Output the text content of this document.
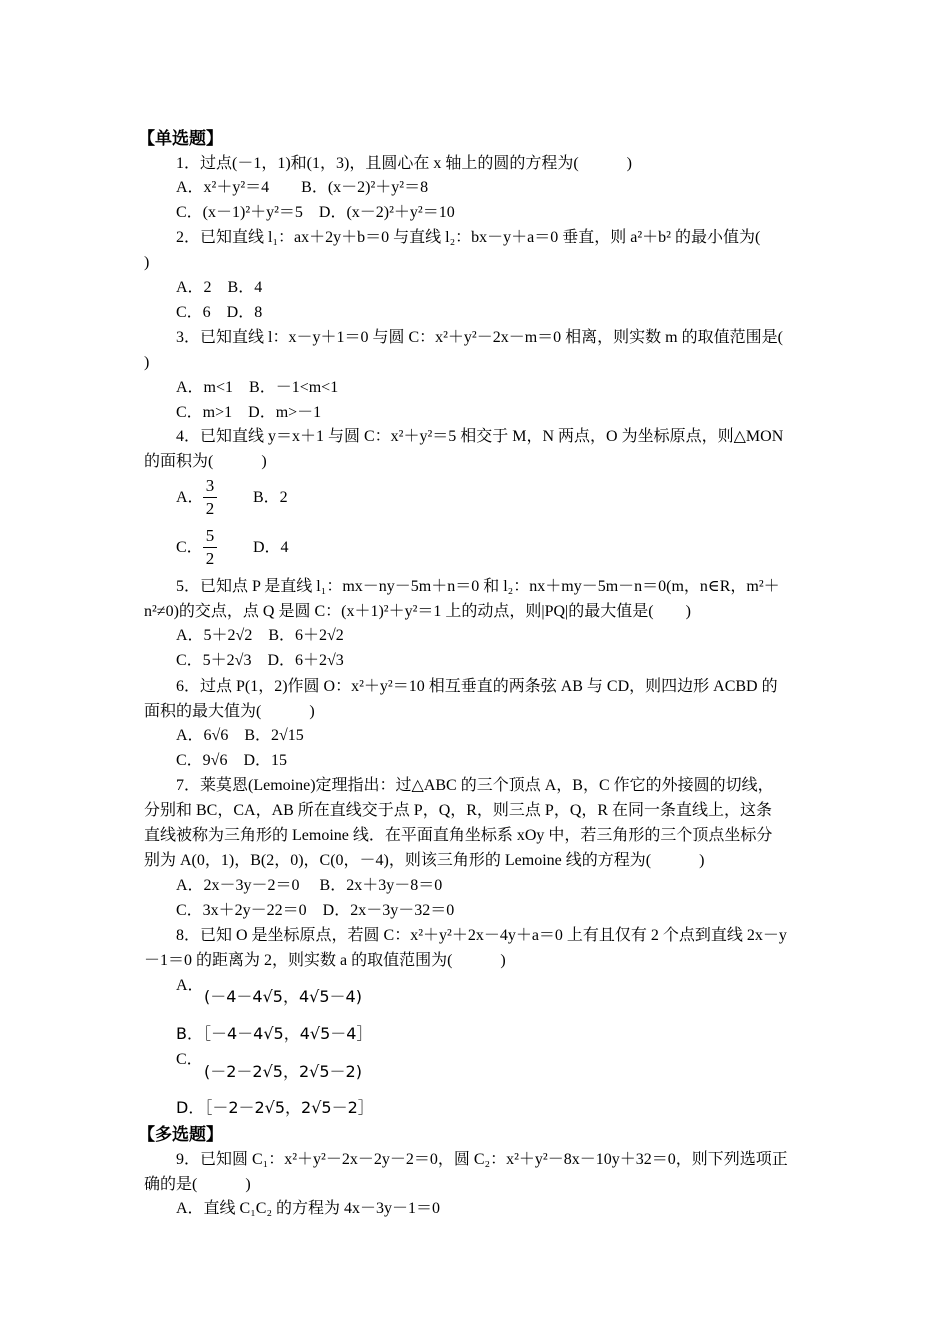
【单选题】
1．过点(－1，1)和(1，3)，且圆心在 x 轴上的圆的方程为(　　　)
A．x²＋y²＝4　　B．(x－2)²＋y²＝8
C．(x－1)²＋y²＝5　D．(x－2)²＋y²＝10
2．已知直线 l₁：ax＋2y＋b＝0 与直线 l₂：bx－y＋a＝0 垂直，则 a²＋b² 的最小值为(
)
A．2　B．4
C．6　D．8
3．已知直线 l：x－y＋1＝0 与圆 C：x²＋y²－2x－m＝0 相离，则实数 m 的取值范围是(
)
A．m<1　B．－1<m<1
C．m>1　D．m>－1
4．已知直线 y＝x＋1 与圆 C：x²＋y²＝5 相交于 M，N 两点，O 为坐标原点，则△MON
的面积为(　　　)
A．
3
2
B．2
C．
5
2
D．4
5．已知点 P 是直线 l₁：mx－ny－5m＋n＝0 和 l₂：nx＋my－5m－n＝0(m，n∈R，m²＋
n²≠0)的交点，点 Q 是圆 C：(x＋1)²＋y²＝1 上的动点，则|PQ|的最大值是(　　)
A．5＋2√2　B．6＋2√2
C．5＋2√3　D．6＋2√3
6．过点 P(1，2)作圆 O：x²＋y²＝10 相互垂直的两条弦 AB 与 CD，则四边形 ACBD 的
面积的最大值为(　　　)
A．6√6　B．2√15
C．9√6　D．15
7．莱莫恩(Lemoine)定理指出：过△ABC 的三个顶点 A，B，C 作它的外接圆的切线，
分别和 BC，CA，AB 所在直线交于点 P，Q，R，则三点 P，Q，R 在同一条直线上，这条
直线被称为三角形的 Lemoine 线．在平面直角坐标系 xOy 中，若三角形的三个顶点坐标分
别为 A(0，1)，B(2，0)，C(0，－4)，则该三角形的 Lemoine 线的方程为(　　　)
A．2x－3y－2＝0　 B．2x＋3y－8＝0
C．3x＋2y－22＝0　D．2x－3y－32＝0
8．已知 O 是坐标原点，若圆 C：x²＋y²＋2x－4y＋a＝0 上有且仅有 2 个点到直线 2x－y
－1＝0 的距离为 2，则实数 a 的取值范围为(　　　)
A．
(－4－4√5，4√5－4)
B．［－4－4√5，4√5－4］
C．
(－2－2√5，2√5－2)
D．［－2－2√5，2√5－2］
【多选题】
9．已知圆 C₁：x²＋y²－2x－2y－2＝0，圆 C₂：x²＋y²－8x－10y＋32＝0，则下列选项正
确的是(　　　)
A．直线 C₁C₂ 的方程为 4x－3y－1＝0
